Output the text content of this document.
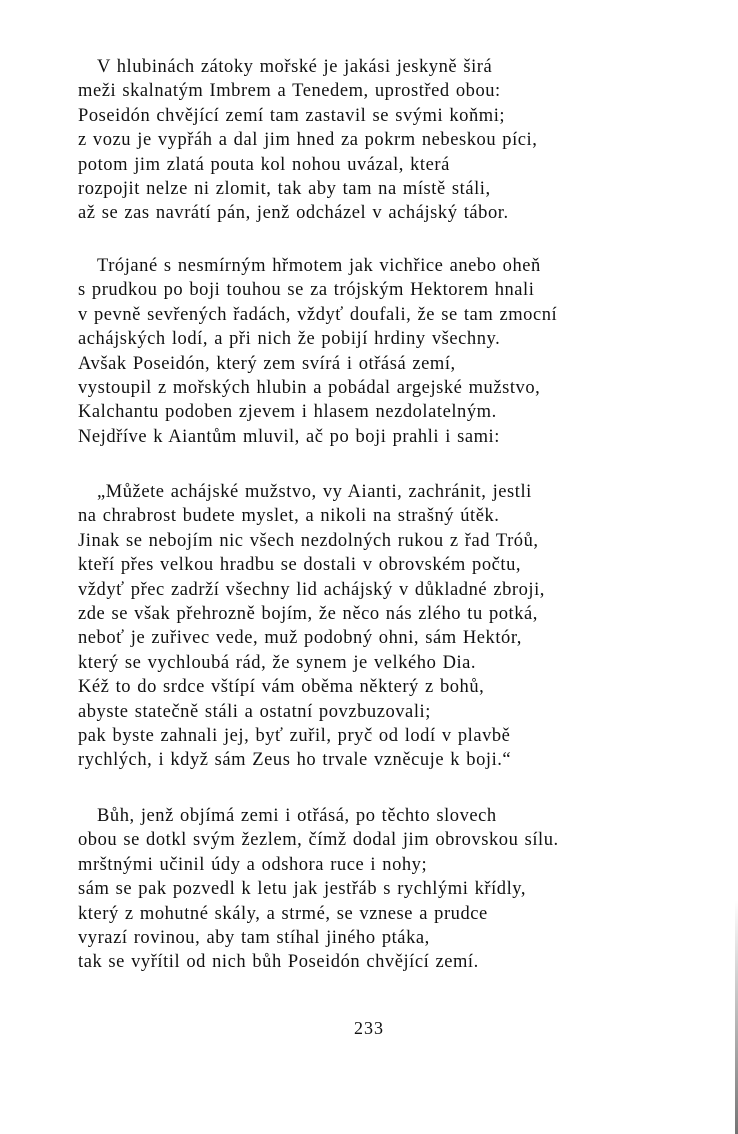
V hlubinách zátoky mořské je jakási jeskyně širá
meži skalnatým Imbrem a Tenedem, uprostřed obou:
Poseidón chvějící zemí tam zastavil se svými koňmi;
z vozu je vypřáh a dal jim hned za pokrm nebeskou píci,
potom jim zlatá pouta kol nohou uvázal, která
rozpojit nelze ni zlomit, tak aby tam na místě stáli,
až se zas navrátí pán, jenž odcházel v achájský tábor.
Trójané s nesmírným hřmotem jak vichřice anebo oheň
s prudkou po boji touhou se za trójským Hektorem hnali
v pevně sevřených řadách, vždyť doufali, že se tam zmocní
achájských lodí, a při nich že pobijí hrdiny všechny.
Avšak Poseidón, který zem svírá i otřásá zemí,
vystoupil z mořských hlubin a pobádal argejské mužstvo,
Kalchantu podoben zjevem i hlasem nezdolatelným.
Nejdříve k Aiantům mluvil, ač po boji prahli i sami:
„Můžete achájské mužstvo, vy Aianti, zachránit, jestli
na chrabrost budete myslet, a nikoli na strašný útěk.
Jinak se nebojím nic všech nezdolných rukou z řad Tróů,
kteří přes velkou hradbu se dostali v obrovském počtu,
vždyť přec zadrží všechny lid achájský v důkladné zbroji,
zde se však přehrozně bojím, že něco nás zlého tu potká,
neboť je zuřivec vede, muž podobný ohni, sám Hektór,
který se vychloubá rád, že synem je velkého Dia.
Kéž to do srdce vštípí vám oběma některý z bohů,
abyste statečně stáli a ostatní povzbuzovali;
pak byste zahnali jej, byť zuřil, pryč od lodí v plavbě
rychlých, i když sám Zeus ho trvale vzněcuje k boji.“
Bůh, jenž objímá zemi i otřásá, po těchto slovech
obou se dotkl svým žezlem, čímž dodal jim obrovskou sílu.
mrštnými učinil údy a odshora ruce i nohy;
sám se pak pozvedl k letu jak jestřáb s rychlými křídly,
který z mohutné skály, a strmé, se vznese a prudce
vyrazí rovinou, aby tam stíhal jiného ptáka,
tak se vyřítil od nich bůh Poseidón chvějící zemí.
233
